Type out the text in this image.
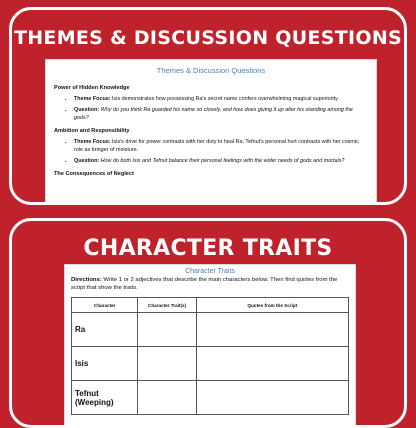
THEMES & DISCUSSION QUESTIONS
Themes & Discussion Questions
Power of Hidden Knowledge
• Theme Focus: Isis demonstrates how possessing Ra's secret name confers overwhelming magical superiority.
• Question: Why do you think Ra guarded his name so closely, and how does giving it up alter his standing among the gods?
Ambition and Responsibility
• Theme Focus: Isis's drive for power contrasts with her duty to heal Ra; Tefnut's personal hurt contrasts with her cosmic role as bringer of moisture.
• Question: How do both Isis and Tefnut balance their personal feelings with the wider needs of gods and mortals?
The Consequences of Neglect
CHARACTER TRAITS
Character Traits
Directions: Write 1 or 2 adjectives that describe the main characters below. Then find quotes from the script that show the traits.
Character	Character Trait(s)	Quotes from the Script
Ra		
Isis		
Tefnut (Weeping)		
